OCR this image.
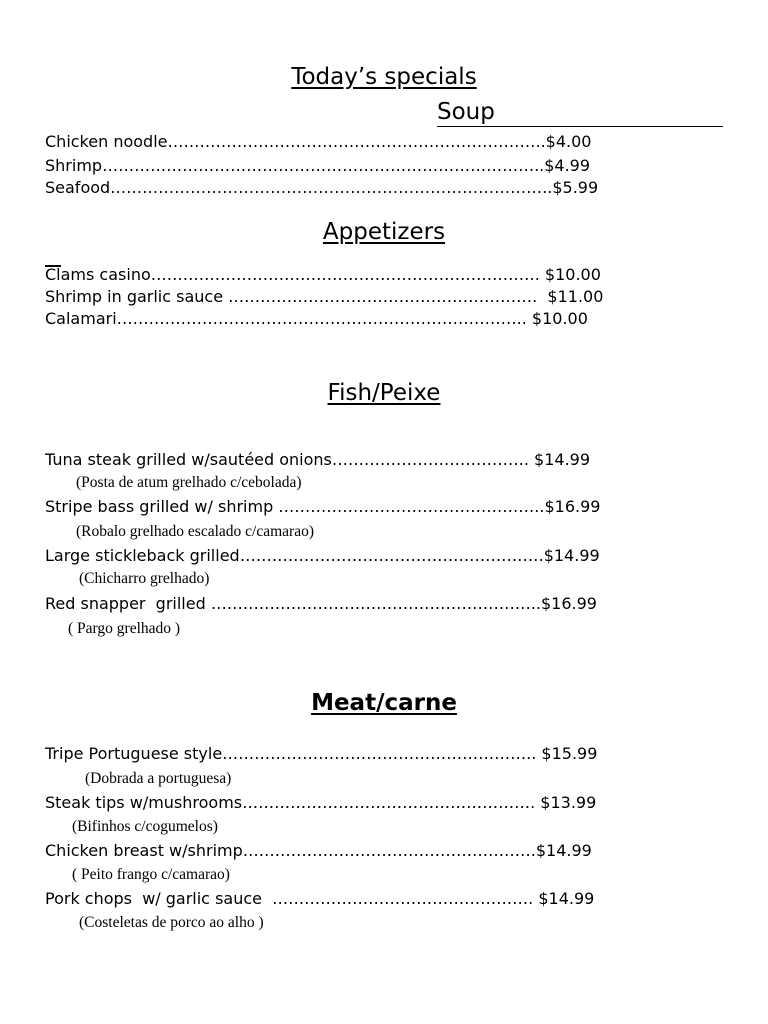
Today’s specials
Soup
Chicken noodle……………………………………………………………..$4.00
Shrimp………………………………………………………………………..$4.99
Seafood………………………………………………………………………..$5.99
Appetizers
Clams casino………………………………………………………………. $10.00
Shrimp in garlic sauce ………………………………………………….  $11.00
Calamari………………………………………………………………….. $10.00
Fish/Peixe
Tuna steak grilled w/sautéed onions………………………………. $14.99
(Posta de atum grelhado c/cebolada)
Stripe bass grilled w/ shrimp …………………………………………..$16.99
(Robalo grelhado escalado c/camarao)
Large stickleback grilled…………………………………………………$14.99
(Chicharro grelhado)
Red snapper  grilled ……………………………………………………..$16.99
( Pargo grelhado )
Meat/carne
Tripe Portuguese style………………………………………………….. $15.99
(Dobrada a portuguesa)
Steak tips w/mushrooms………………………………………………. $13.99
(Bifinhos c/cogumelos)
Chicken breast w/shrimp……………………………………………….$14.99
( Peito frango c/camarao)
Pork chops  w/ garlic sauce  …………………………………………. $14.99
(Costeletas de porco ao alho )
